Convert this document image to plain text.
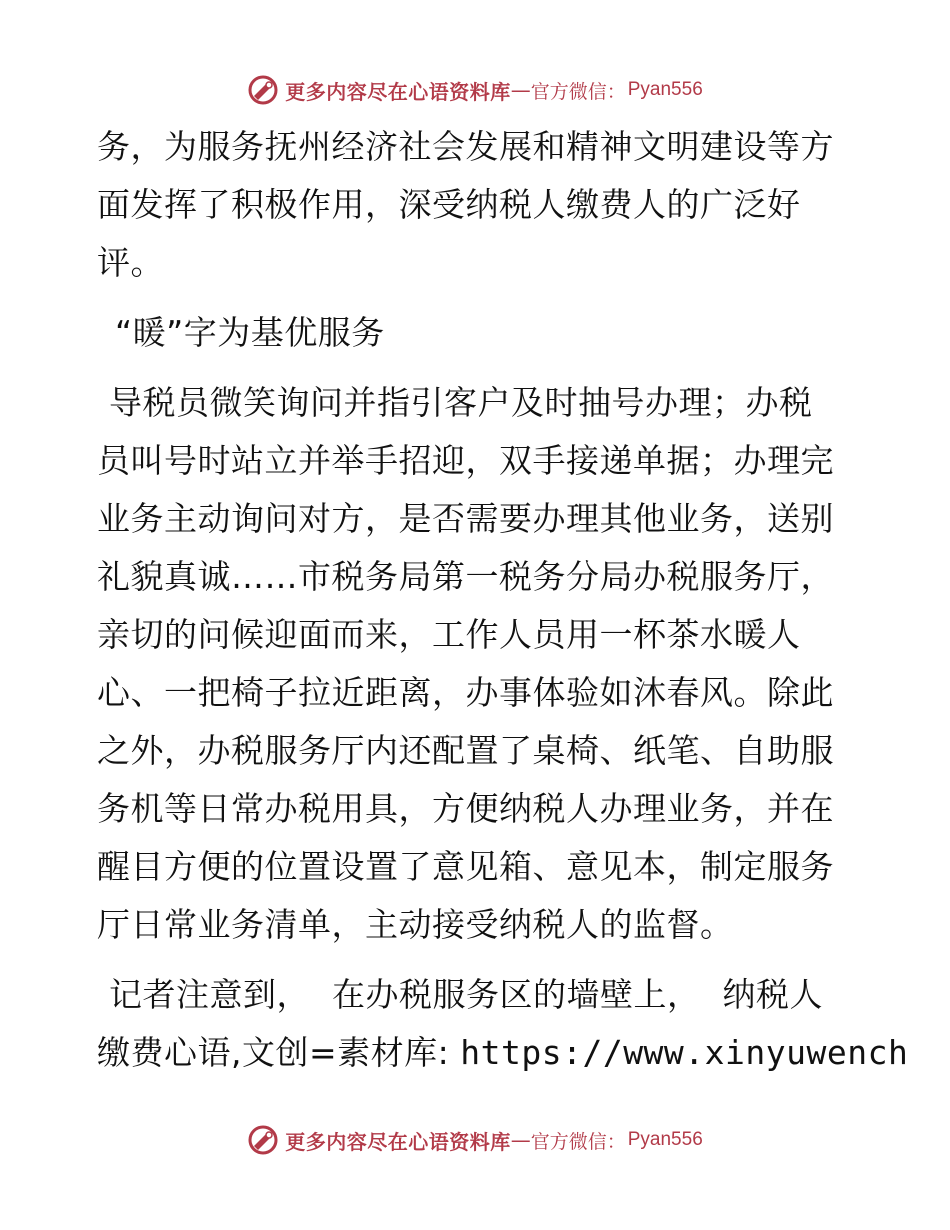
更多内容尽在心语资料库 — 官方微信： Pyan556
务，为服务抚州经济社会发展和精神文明建设等方
面发挥了积极作用，深受纳税人缴费人的广泛好
评。
“暖”字为基优服务
导税员微笑询问并指引客户及时抽号办理；办税
员叫号时站立并举手招迎，双手接递单据；办理完
业务主动询问对方，是否需要办理其他业务，送别
礼貌真诚……市税务局第一税务分局办税服务厅，
亲切的问候迎面而来，工作人员用一杯茶水暖人
心、一把椅子拉近距离，办事体验如沐春风。除此
之外，办税服务厅内还配置了桌椅、纸笔、自助服
务机等日常办税用具，方便纳税人办理业务，并在
醒目方便的位置设置了意见箱、意见本，制定服务
厅日常业务清单，主动接受纳税人的监督。
记者注意到，  在办税服务区的墙壁上，  纳税人
缴费心语,文创=素材库: https://www.xinyuwench
更多内容尽在心语资料库 — 官方微信： Pyan556
